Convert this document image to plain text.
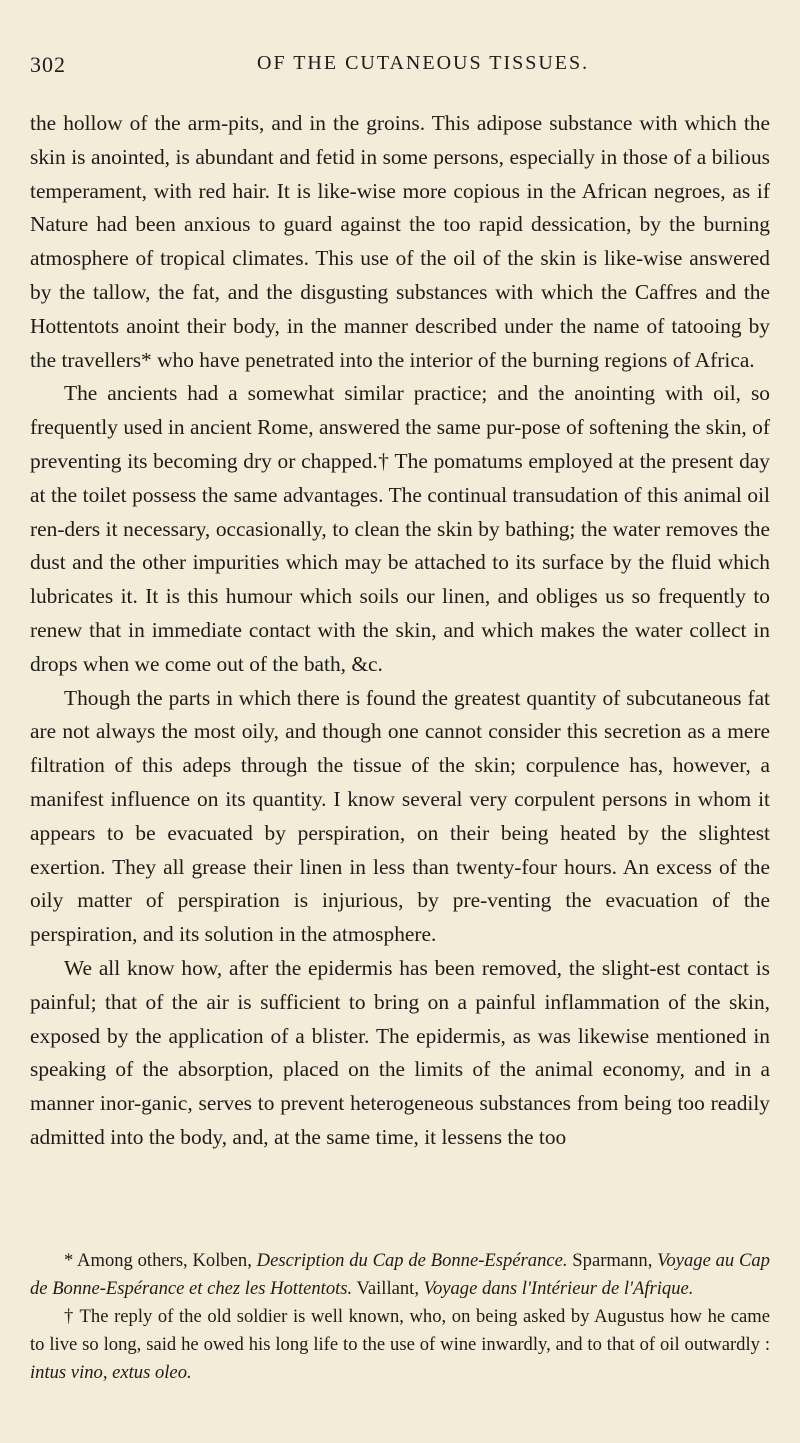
302	OF THE CUTANEOUS TISSUES.

the hollow of the arm-pits, and in the groins. This adipose substance with which the skin is anointed, is abundant and fetid in some persons, especially in those of a bilious temperament, with red hair. It is like-wise more copious in the African negroes, as if Nature had been anxious to guard against the too rapid dessication, by the burning atmosphere of tropical climates. This use of the oil of the skin is like-wise answered by the tallow, the fat, and the disgusting substances with which the Caffres and the Hottentots anoint their body, in the manner described under the name of tatooing by the travellers* who have penetrated into the interior of the burning regions of Africa.

The ancients had a somewhat similar practice; and the anointing with oil, so frequently used in ancient Rome, answered the same pur-pose of softening the skin, of preventing its becoming dry or chapped.† The pomatums employed at the present day at the toilet possess the same advantages. The continual transudation of this animal oil ren-ders it necessary, occasionally, to clean the skin by bathing; the water removes the dust and the other impurities which may be attached to its surface by the fluid which lubricates it. It is this humour which soils our linen, and obliges us so frequently to renew that in immediate contact with the skin, and which makes the water collect in drops when we come out of the bath, &c.

Though the parts in which there is found the greatest quantity of subcutaneous fat are not always the most oily, and though one cannot consider this secretion as a mere filtration of this adeps through the tissue of the skin; corpulence has, however, a manifest influence on its quantity. I know several very corpulent persons in whom it appears to be evacuated by perspiration, on their being heated by the slightest exertion. They all grease their linen in less than twenty-four hours. An excess of the oily matter of perspiration is injurious, by pre-venting the evacuation of the perspiration, and its solution in the atmosphere.

We all know how, after the epidermis has been removed, the slight-est contact is painful; that of the air is sufficient to bring on a painful inflammation of the skin, exposed by the application of a blister. The epidermis, as was likewise mentioned in speaking of the absorption, placed on the limits of the animal economy, and in a manner inor-ganic, serves to prevent heterogeneous substances from being too readily admitted into the body, and, at the same time, it lessens the too

* Among others, Kolben, Description du Cap de Bonne-Espérance. Sparmann, Voyage au Cap de Bonne-Espérance et chez les Hottentots. Vaillant, Voyage dans l'Intérieur de l'Afrique.

† The reply of the old soldier is well known, who, on being asked by Augustus how he came to live so long, said he owed his long life to the use of wine inwardly, and to that of oil outwardly : intus vino, extus oleo.
